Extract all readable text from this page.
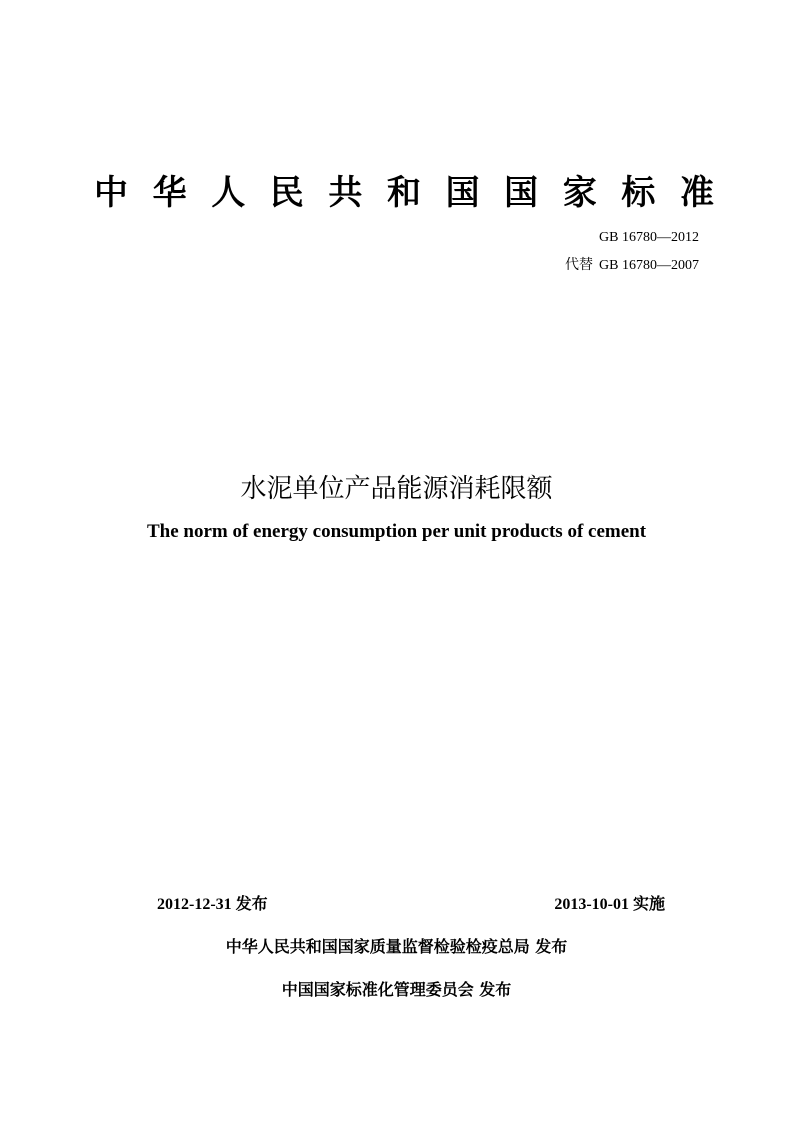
中 华 人 民 共 和 国 国 家 标 准
GB 16780—2012
代替 GB 16780—2007
水泥单位产品能源消耗限额
The norm of energy consumption per unit products of cement
2012-12-31 发布	2013-10-01 实施
中华人民共和国国家质量监督检验检疫总局 发布
中国国家标准化管理委员会 发布
